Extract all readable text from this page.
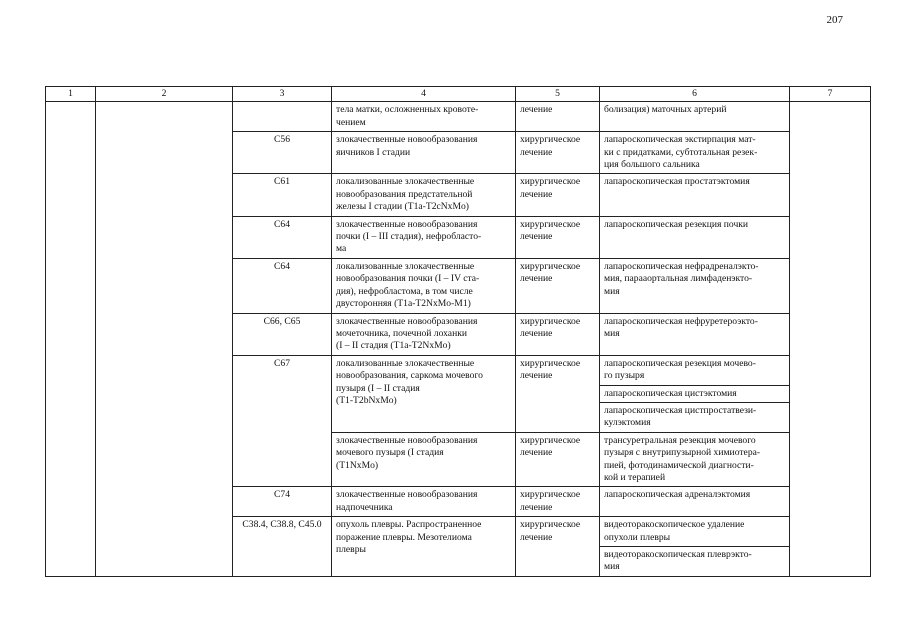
207
1	2	3	4	5	6	7
			тела матки, осложненных кровоте-
чением	лечение	болизация) маточных артерий	
		C56	злокачественные новообразования
яичников I стадии	хирургическое
лечение	лапароскопическая экстирпация мат-
ки с придатками, субтотальная резек-
ция большого сальника	
		C61	локализованные злокачественные
новообразования предстательной
железы I стадии (T1a-T2cNxMo)	хирургическое
лечение	лапароскопическая простатэктомия	
		C64	злокачественные новообразования
почки (I – III стадия), нефробласто-
ма	хирургическое
лечение	лапароскопическая резекция почки	
		C64	локализованные злокачественные
новообразования почки (I – IV ста-
дия), нефробластома, в том числе
двусторонняя (T1a-T2NxMo-M1)	хирургическое
лечение	лапароскопическая нефрадреналэкто-
мия, парааортальная лимфаденэкто-
мия	
		C66, C65	злокачественные новообразования
мочеточника, почечной лоханки
(I – II стадия (T1a-T2NxMo)	хирургическое
лечение	лапароскопическая нефруретероэкто-
мия	
		C67	локализованные злокачественные
новообразования, саркома мочевого
пузыря (I – II стадия
(T1-T2bNxMo)	хирургическое
лечение	лапароскопическая резекция мочево-
го пузыря	
					лапароскопическая цистэктомия	
					лапароскопическая цистпростатвези-
кулэктомия	
			злокачественные новообразования
мочевого пузыря (I стадия
(T1NxMo)	хирургическое
лечение	трансуретральная резекция мочевого
пузыря с внутрипузырной химиотера-
пией, фотодинамической диагности-
кой и терапией	
		C74	злокачественные новообразования
надпочечника	хирургическое
лечение	лапароскопическая адреналэктомия	
		C38.4, C38.8, C45.0	опухоль плевры. Распространенное
поражение плевры. Мезотелиома
плевры	хирургическое
лечение	видеоторакоскопическое удаление
опухоли плевры	
					видеоторакоскопическая плеврэкто-
мия	
